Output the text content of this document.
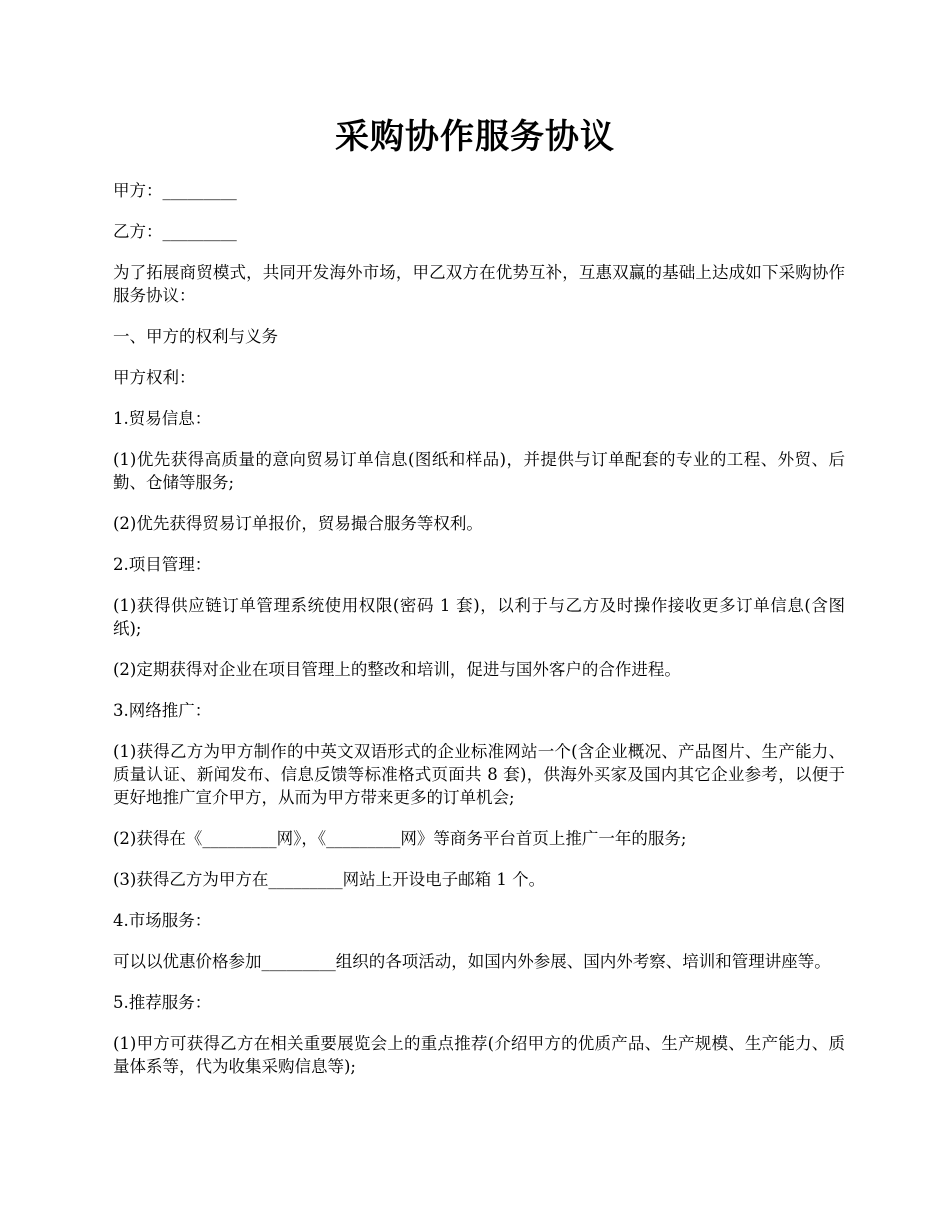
采购协作服务协议

甲方：_________

乙方：_________

为了拓展商贸模式，共同开发海外市场，甲乙双方在优势互补，互惠双赢的基础上达成如下采购协作服务协议：

一、甲方的权利与义务

甲方权利：

1.贸易信息：

(1)优先获得高质量的意向贸易订单信息(图纸和样品)，并提供与订单配套的专业的工程、外贸、后勤、仓储等服务;

(2)优先获得贸易订单报价，贸易撮合服务等权利。

2.项目管理：

(1)获得供应链订单管理系统使用权限(密码 1 套)，以利于与乙方及时操作接收更多订单信息(含图纸);

(2)定期获得对企业在项目管理上的整改和培训，促进与国外客户的合作进程。

3.网络推广：

(1)获得乙方为甲方制作的中英文双语形式的企业标准网站一个(含企业概况、产品图片、生产能力、质量认证、新闻发布、信息反馈等标准格式页面共 8 套)，供海外买家及国内其它企业参考，以便于更好地推广宣介甲方，从而为甲方带来更多的订单机会;

(2)获得在《_________网》，《_________网》等商务平台首页上推广一年的服务;

(3)获得乙方为甲方在_________网站上开设电子邮箱 1 个。

4.市场服务：

可以以优惠价格参加_________组织的各项活动，如国内外参展、国内外考察、培训和管理讲座等。

5.推荐服务：

(1)甲方可获得乙方在相关重要展览会上的重点推荐(介绍甲方的优质产品、生产规模、生产能力、质量体系等，代为收集采购信息等);
